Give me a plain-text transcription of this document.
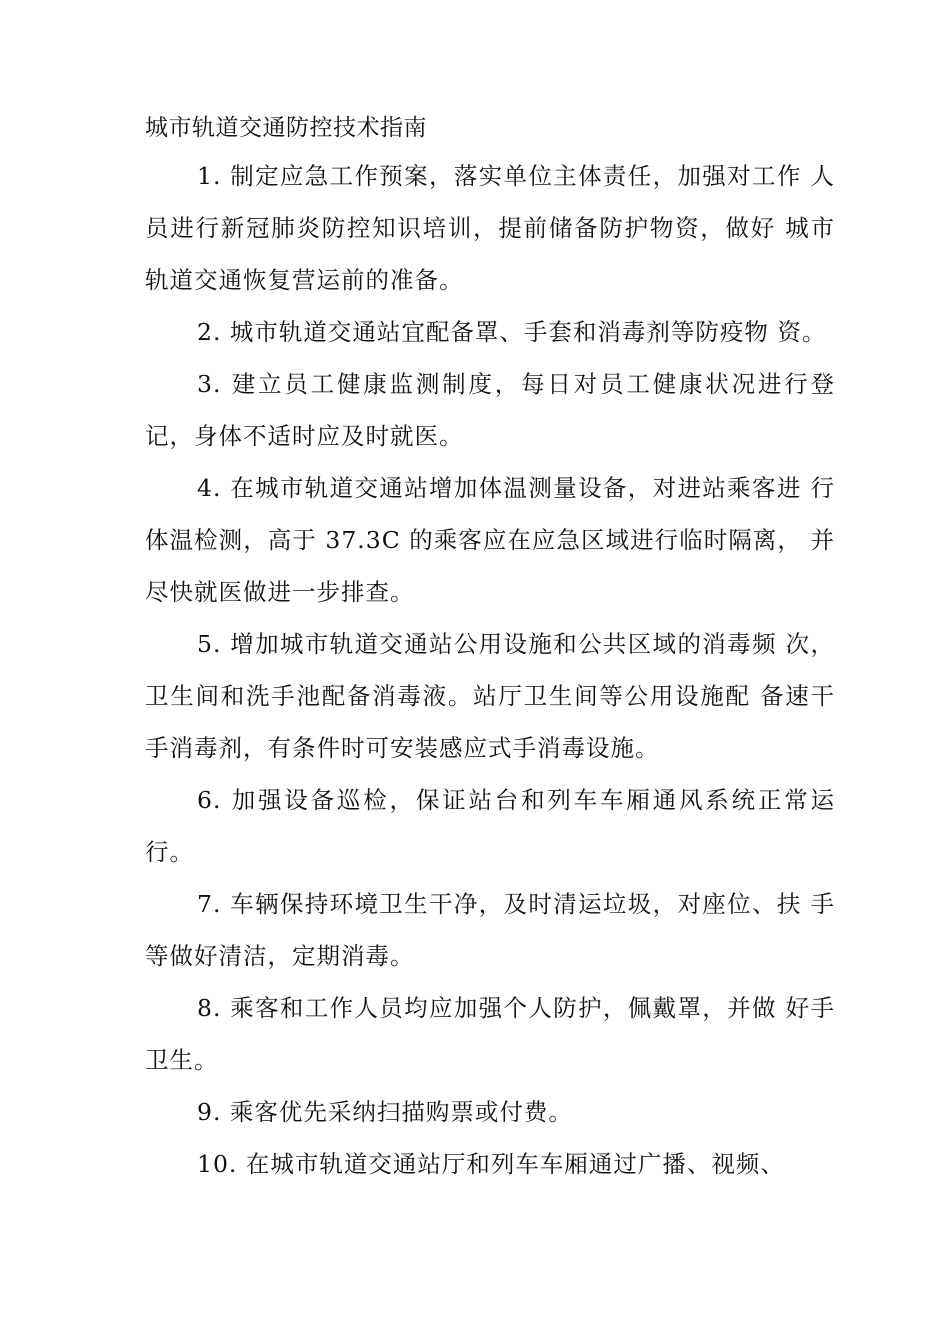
城市轨道交通防控技术指南

1. 制定应急工作预案，落实单位主体责任，加强对工作 人员进行新冠肺炎防控知识培训，提前储备防护物资，做好 城市轨道交通恢复营运前的准备。

2. 城市轨道交通站宜配备罩、手套和消毒剂等防疫物 资。

3. 建立员工健康监测制度，每日对员工健康状况进行登记，身体不适时应及时就医。

4. 在城市轨道交通站增加体温测量设备，对进站乘客进 行体温检测，高于 37.3C 的乘客应在应急区域进行临时隔离， 并尽快就医做进一步排查。

5. 增加城市轨道交通站公用设施和公共区域的消毒频 次，卫生间和洗手池配备消毒液。站厅卫生间等公用设施配 备速干手消毒剂，有条件时可安装感应式手消毒设施。

6. 加强设备巡检，保证站台和列车车厢通风系统正常运行。

7. 车辆保持环境卫生干净，及时清运垃圾，对座位、扶 手等做好清洁，定期消毒。

8. 乘客和工作人员均应加强个人防护，佩戴罩，并做 好手卫生。

9. 乘客优先采纳扫描购票或付费。

10. 在城市轨道交通站厅和列车车厢通过广播、视频、
